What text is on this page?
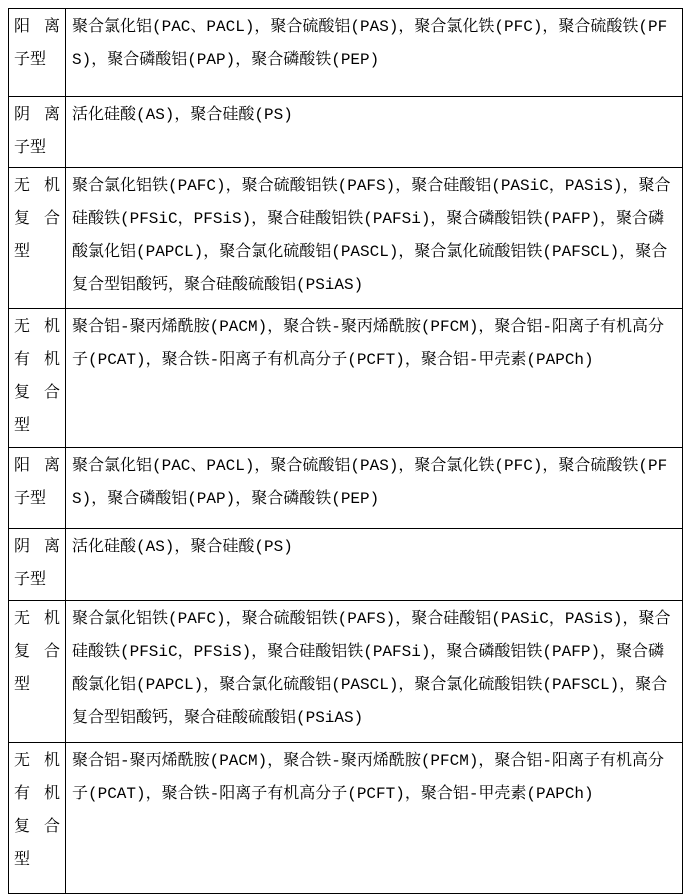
阳离子型	聚合氯化铝(PAC、PACL)，聚合硫酸铝(PAS)，聚合氯化铁(PFC)，聚合硫酸铁(PFS)，聚合磷酸铝(PAP)，聚合磷酸铁(PEP)
阴离子型	活化硅酸(AS)，聚合硅酸(PS)
无机复合型	聚合氯化铝铁(PAFC)，聚合硫酸铝铁(PAFS)，聚合硅酸铝(PASiC，PASiS)，聚合硅酸铁(PFSiC，PFSiS)，聚合硅酸铝铁(PAFSi)，聚合磷酸铝铁(PAFP)，聚合磷酸氯化铝(PAPCL)，聚合氯化硫酸铝(PASCL)，聚合氯化硫酸铝铁(PAFSCL)，聚合复合型铝酸钙，聚合硅酸硫酸铝(PSiAS)
无机有机复合型	聚合铝-聚丙烯酰胺(PACM)，聚合铁-聚丙烯酰胺(PFCM)，聚合铝-阳离子有机高分子(PCAT)，聚合铁-阳离子有机高分子(PCFT)，聚合铝-甲壳素(PAPCh)
阳离子型	聚合氯化铝(PAC、PACL)，聚合硫酸铝(PAS)，聚合氯化铁(PFC)，聚合硫酸铁(PFS)，聚合磷酸铝(PAP)，聚合磷酸铁(PEP)
阴离子型	活化硅酸(AS)，聚合硅酸(PS)
无机复合型	聚合氯化铝铁(PAFC)，聚合硫酸铝铁(PAFS)，聚合硅酸铝(PASiC，PASiS)，聚合硅酸铁(PFSiC，PFSiS)，聚合硅酸铝铁(PAFSi)，聚合磷酸铝铁(PAFP)，聚合磷酸氯化铝(PAPCL)，聚合氯化硫酸铝(PASCL)，聚合氯化硫酸铝铁(PAFSCL)，聚合复合型铝酸钙，聚合硅酸硫酸铝(PSiAS)
无机有机复合型	聚合铝-聚丙烯酰胺(PACM)，聚合铁-聚丙烯酰胺(PFCM)，聚合铝-阳离子有机高分子(PCAT)，聚合铁-阳离子有机高分子(PCFT)，聚合铝-甲壳素(PAPCh)
